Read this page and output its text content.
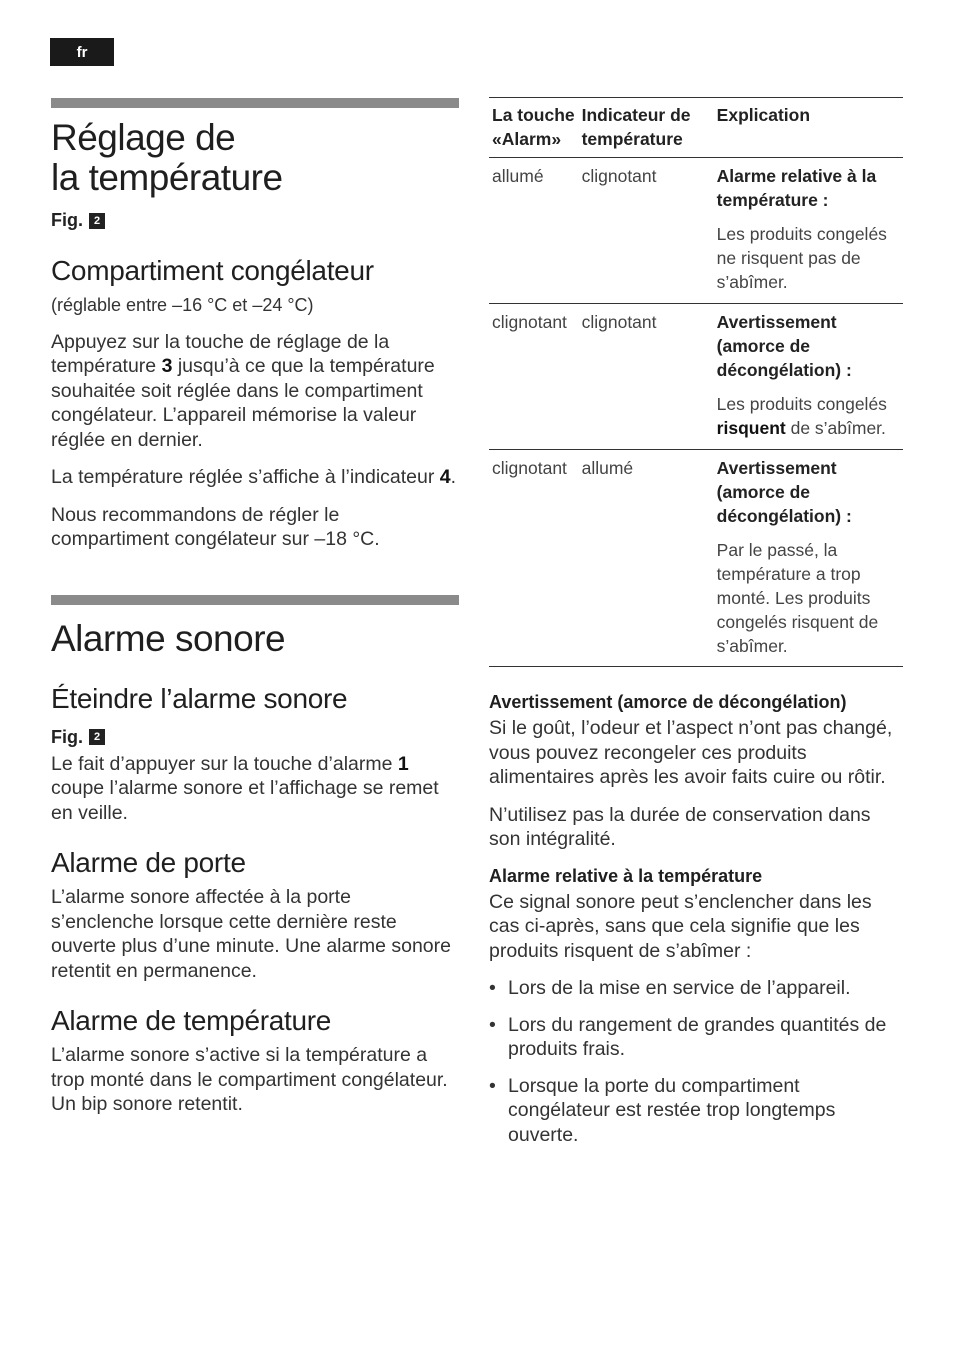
fr
Réglage de
la température
Fig. 2
Compartiment congélateur

(réglable entre –16 °C et –24 °C)

Appuyez sur la touche de réglage de la température 3 jusqu’à ce que la température souhaitée soit réglée dans le compartiment congélateur. L’appareil mémorise la valeur réglée en dernier.

La température réglée s’affiche à l’indicateur 4.

Nous recommandons de régler le compartiment congélateur sur –18 °C.

Alarme sonore
Éteindre l’alarme sonore
Fig. 2

Le fait d’appuyer sur la touche d’alarme 1 coupe l’alarme sonore et l’affichage se remet en veille.

Alarme de porte

L’alarme sonore affectée à la porte s’enclenche lorsque cette dernière reste ouverte plus d’une minute. Une alarme sonore retentit en permanence.

Alarme de température

L’alarme sonore s’active si la température a trop monté dans le compartiment congélateur. Un bip sonore retentit.

La touche «Alarm»	Indicateur de température	Explication
allumé	clignotant	Alarme relative à la température :
Les produits congelés ne risquent pas de s’abîmer.

clignotant	clignotant	Avertissement (amorce de décongélation) :
Les produits congelés risquent de s’abîmer.

clignotant	allumé	Avertissement (amorce de décongélation) :
Par le passé, la température a trop monté. Les produits congelés risquent de s’abîmer.

Avertissement (amorce de décongélation)

Si le goût, l’odeur et l’aspect n’ont pas changé, vous pouvez recongeler ces produits alimentaires après les avoir faits cuire ou rôtir.

N’utilisez pas la durée de conservation dans son intégralité.

Alarme relative à la température

Ce signal sonore peut s’enclencher dans les cas ci-après, sans que cela signifie que les produits risquent de s’abîmer :

• Lors de la mise en service de l’appareil.
• Lors du rangement de grandes quantités de produits frais.
• Lorsque la porte du compartiment congélateur est restée trop longtemps ouverte.
